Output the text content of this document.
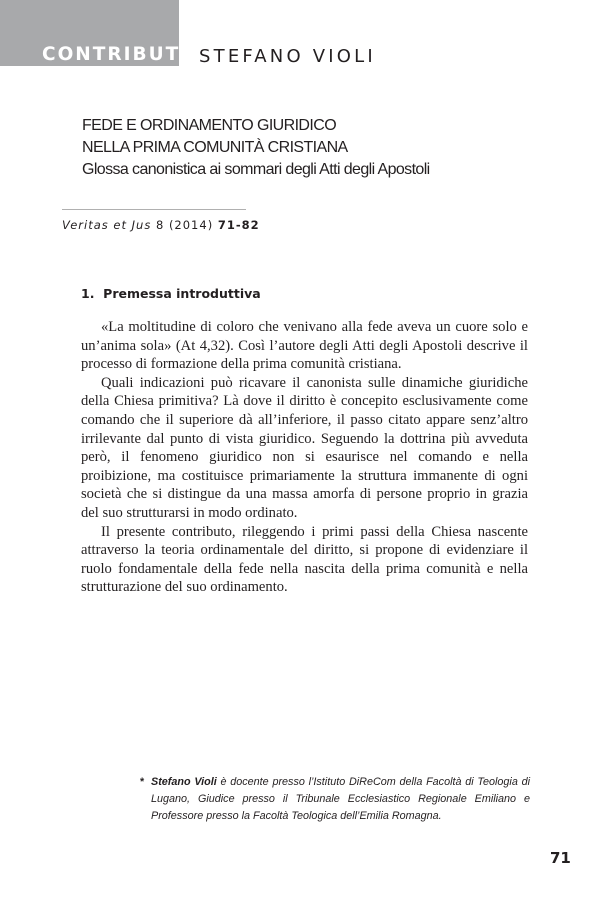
CONTRIBUTI STEFANO VIOLI
FEDE E ORDINAMENTO GIURIDICO
NELLA PRIMA COMUNITÀ CRISTIANA
Glossa canonistica ai sommari degli Atti degli Apostoli
Veritas et Jus 8 (2014) 71-82
1. Premessa introduttiva

«La moltitudine di coloro che venivano alla fede aveva un cuore solo e un’anima sola» (At 4,32). Così l’autore degli Atti degli Apostoli descrive il processo di formazione della prima comunità cristiana.

Quali indicazioni può ricavare il canonista sulle dinamiche giuridiche della Chiesa primitiva? Là dove il diritto è concepito esclusivamente come comando che il superiore dà all’inferiore, il passo citato appare senz’altro irrilevante dal punto di vista giuridico. Seguendo la dottrina più avveduta però, il fenomeno giuridico non si esaurisce nel comando e nella proibizione, ma costituisce primariamente la struttura immanente di ogni società che si distingue da una massa amorfa di persone proprio in grazia del suo strutturarsi in modo ordinato.

Il presente contributo, rileggendo i primi passi della Chiesa nascente attraverso la teoria ordinamentale del diritto, si propone di evidenziare il ruolo fondamentale della fede nella nascita della prima comunità e nella strutturazione del suo ordinamento.

* Stefano Violi è docente presso l’Istituto DiReCom della Facoltà di Teologia di Lugano, Giudice presso il Tribunale Ecclesiastico Regionale Emiliano e Professore presso la Facoltà Teologica dell’Emilia Romagna.
71
